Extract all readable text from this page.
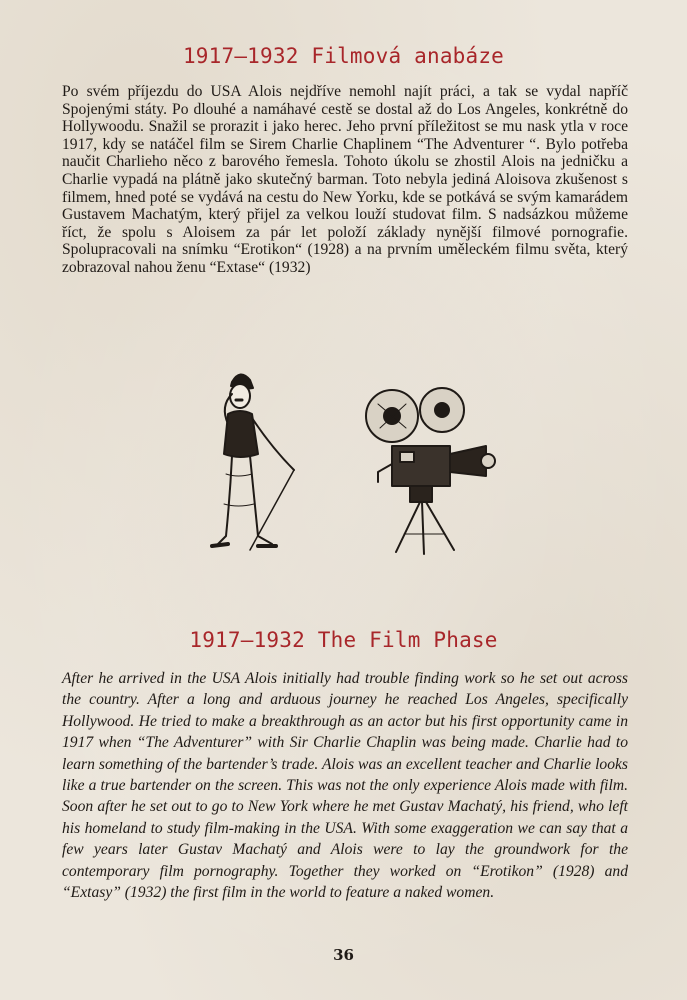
1917—1932 Filmová anabáze

Po svém příjezdu do USA Alois nejdříve nemohl najít práci, a tak se vydal napříč Spojenými státy. Po dlouhé a namáhavé cestě se dostal až do Los Angeles, konkrétně do Hollywoodu. Snažil se prorazit i jako herec. Jeho první příležitost se mu nask ytla v roce 1917, kdy se natáčel film se Sirem Charlie Chaplinem “The Adventurer “. Bylo potřeba naučit Charlieho něco z barového řemesla. Tohoto úkolu se zhostil Alois na jedničku a Charlie vypadá na plátně jako skutečný barman. Toto nebyla jediná Aloisova zkušenost s filmem, hned poté se vydává na cestu do New Yorku, kde se potkává se svým kamarádem Gustavem Machatým, který přijel za velkou louží studovat film. S nadsázkou můžeme říct, že spolu s Aloisem za pár let položí základy nynější filmové pornografie. Spolupracovali na snímku “Erotikon“ (1928) a na prvním uměleckém filmu světa, který zobrazoval nahou ženu “Extase“ (1932)

1917—1932 The Film Phase

After he arrived in the USA Alois initially had trouble finding work so he set out across the country. After a long and arduous journey he reached Los Angeles, specifically Hollywood. He tried to make a breakthrough as an actor but his first opportunity came in 1917 when “The Adventurer” with Sir Charlie Chaplin was being made. Charlie had to learn something of the bartender’s trade. Alois was an excellent teacher and Charlie looks like a true bartender on the screen. This was not the only experience Alois made with film. Soon after he set out to go to New York where he met Gustav Machatý, his friend, who left his homeland to study film-making in the USA. With some exaggeration we can say that a few years later Gustav Machatý and Alois were to lay the groundwork for the contemporary film pornography. Together they worked on “Erotikon” (1928) and “Extasy” (1932) the first film in the world to feature a naked women.

36
